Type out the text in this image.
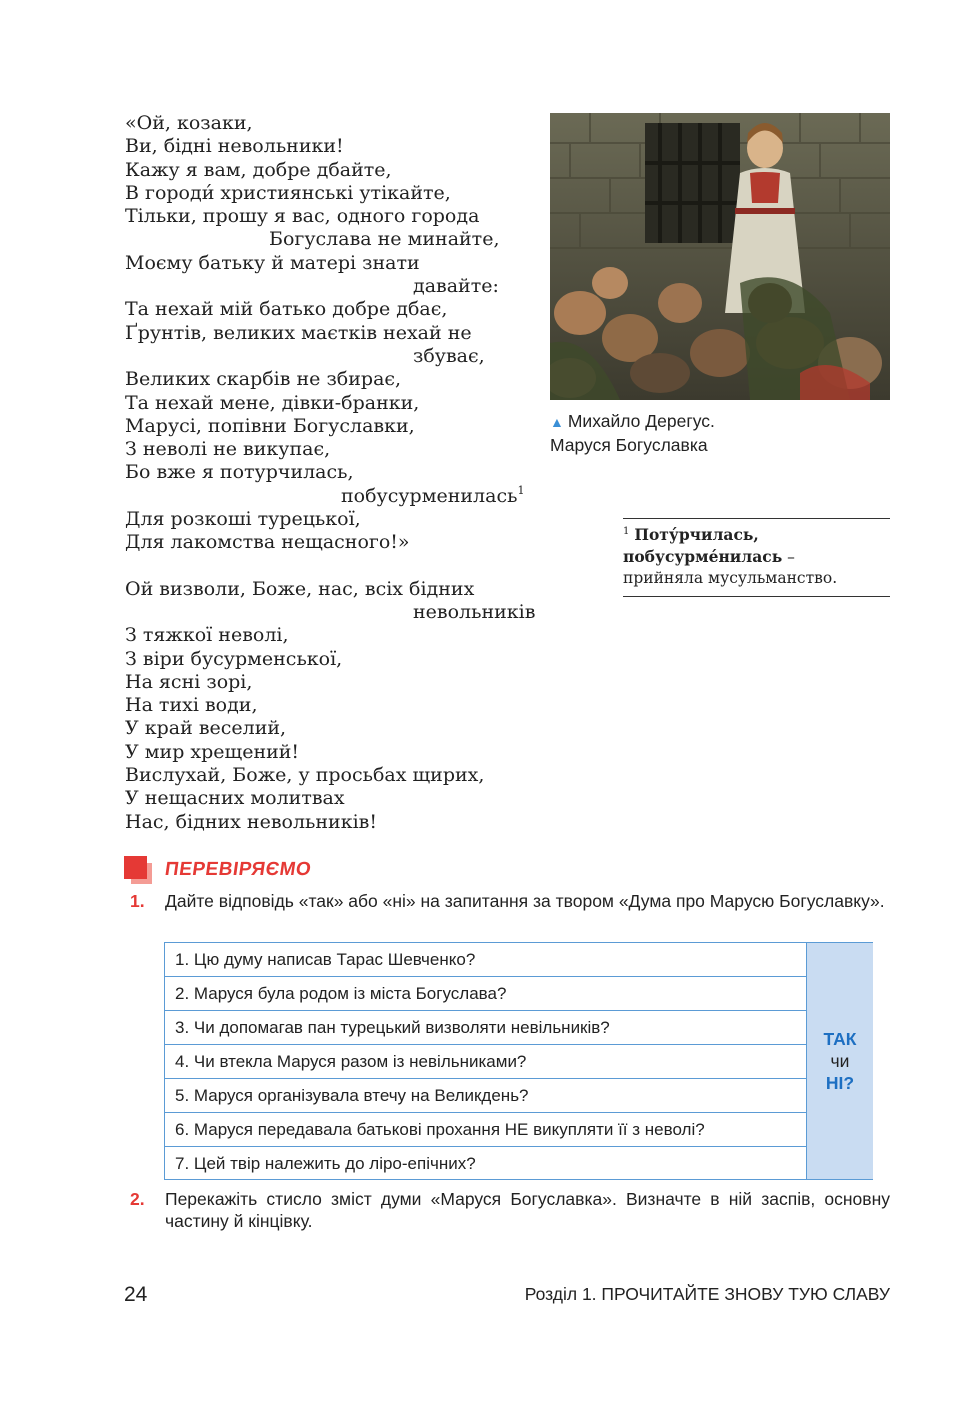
«Ой, козаки,
Ви, бідні невольники!
Кажу я вам, добре дбайте,
В городи́ християнські утікайте,
Тільки, прошу я вас, одного города
Богуслава не минайте,
Моєму батьку й матері знати
давайте:
Та нехай мій батько добре дбає,
Ґрунтів, великих маєтків нехай не
збуває,
Великих скарбів не збирає,
Та нехай мене, дівки-бранки,
Марусі, попівни Богуславки,
З неволі не викупає,
Бо вже я потурчилась,
побусурменилась$^1$
Для розкоші турецької,
Для лакомства нещасного!»
Ой визволи, Боже, нас, всіх бідних
невольників
З тяжкої неволі,
З віри бусурменської,
На ясні зорі,
На тихі води,
У край веселий,
У мир хрещений!
Вислухай, Боже, у просьбах щирих,
У нещасних молитвах
Нас, бідних невольників!
▲ Михайло Дерегус.
Маруся Богуславка
$^1$ Поту́рчилась, побусурме́нилась –
прийняла мусульманство.
ПЕРЕВІРЯЄМО
1. Дайте відповідь «так» або «ні» на запитання за твором «Дума про Марусю Богуславку».
1. Цю думу написав Тарас Шевченко?
2. Маруся була родом із міста Богуслава?
3. Чи допомагав пан турецький визволяти невільників?
4. Чи втекла Маруся разом із невільниками?
5. Маруся організувала втечу на Великдень?
6. Маруся передавала батькові прохання НЕ викупляти її з неволі?
7. Цей твір належить до ліро-епічних?
ТАК
чи
НІ?
2. Перекажіть стисло зміст думи «Маруся Богуславка». Визначте в ній заспів, основну частину й кінцівку.
24	Розділ 1. ПРОЧИТАЙТЕ ЗНОВУ ТУЮ СЛАВУ
